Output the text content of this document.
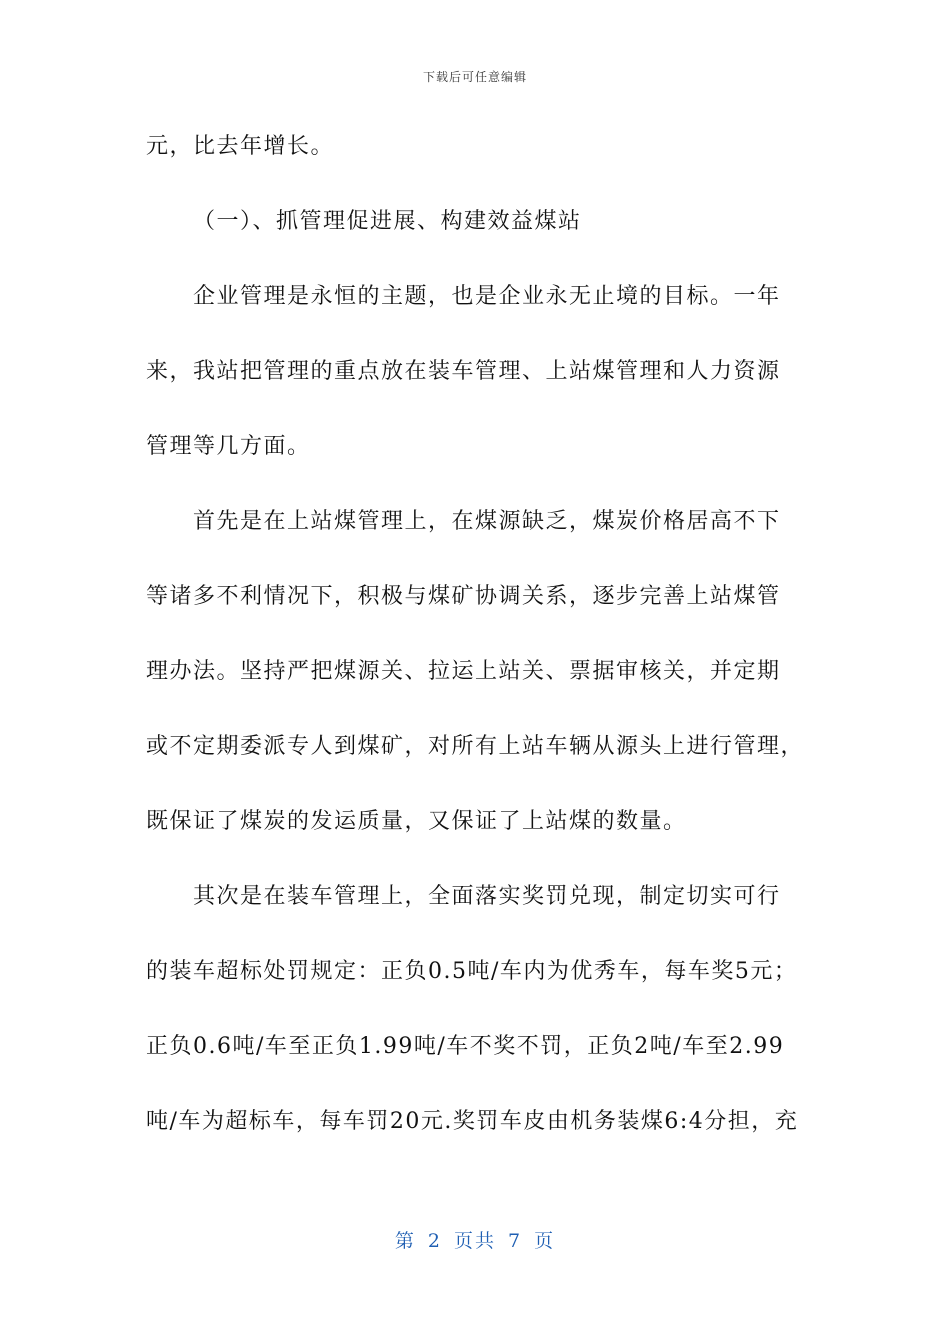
下载后可任意编辑
元，比去年增长。
（一）、抓管理促进展、构建效益煤站
企业管理是永恒的主题，也是企业永无止境的目标。一年
来，我站把管理的重点放在装车管理、上站煤管理和人力资源
管理等几方面。
首先是在上站煤管理上，在煤源缺乏，煤炭价格居高不下
等诸多不利情况下，积极与煤矿协调关系，逐步完善上站煤管
理办法。坚持严把煤源关、拉运上站关、票据审核关，并定期
或不定期委派专人到煤矿，对所有上站车辆从源头上进行管理，
既保证了煤炭的发运质量，又保证了上站煤的数量。
其次是在装车管理上，全面落实奖罚兑现，制定切实可行
的装车超标处罚规定：正负0.5吨/车内为优秀车，每车奖5元；
正负0.6吨/车至正负1.99吨/车不奖不罚，正负2吨/车至2.99
吨/车为超标车，每车罚20元.奖罚车皮由机务装煤6:4分担，充
第 2 页共 7 页
